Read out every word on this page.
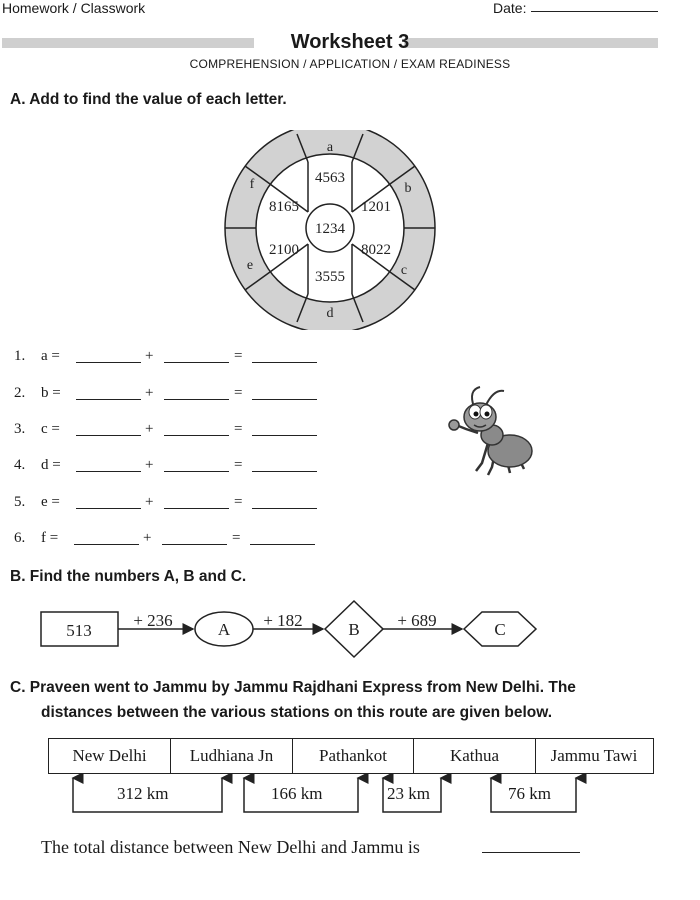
Homework / Classwork	Date:
Worksheet 3
COMPREHENSION / APPLICATION / EXAM READINESS
A. Add to find the value of each letter.
1234
4563
1201
8022
3555
2100
8165
a
b
c
d
e
f
1. a =	+	=
2. b =	+	=
3. c =	+	=
4. d =	+	=
5. e =	+	=
6. f =	+	=
B. Find the numbers A, B and C.
513
+ 236	A + 182	B + 689	C
C. Praveen went to Jammu by Jammu Rajdhani Express from New Delhi. The
distances between the various stations on this route are given below.
New Delhi	Ludhiana Jn	Pathankot	Kathua	Jammu Tawi
312 km	166 km	23 km	76 km
The total distance between New Delhi and Jammu is
